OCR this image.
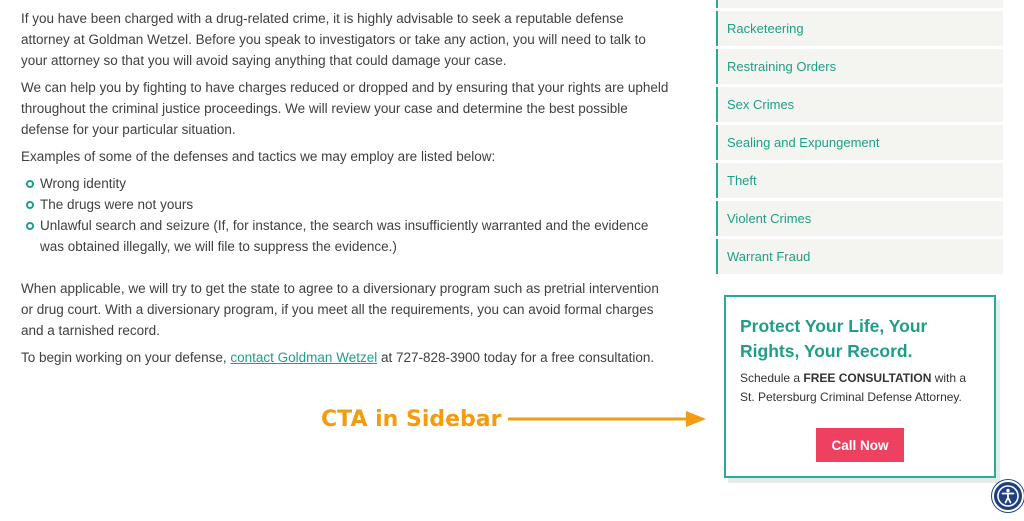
If you have been charged with a drug-related crime, it is highly advisable to seek a reputable defense attorney at Goldman Wetzel. Before you speak to investigators or take any action, you will need to talk to your attorney so that you will avoid saying anything that could damage your case.

We can help you by fighting to have charges reduced or dropped and by ensuring that your rights are upheld throughout the criminal justice proceedings. We will review your case and determine the best possible defense for your particular situation.

Examples of some of the defenses and tactics we may employ are listed below:

Wrong identity
The drugs were not yours
Unlawful search and seizure (If, for instance, the search was insufficiently warranted and the evidence was obtained illegally, we will file to suppress the evidence.)

When applicable, we will try to get the state to agree to a diversionary program such as pretrial intervention or drug court. With a diversionary program, if you meet all the requirements, you can avoid formal charges and a tarnished record.

To begin working on your defense, contact Goldman Wetzel at 727-828-3900 today for a free consultation.

Racketeering
Restraining Orders
Sex Crimes
Sealing and Expungement
Theft
Violent Crimes
Warrant Fraud
CTA in Sidebar
Protect Your Life, Your Rights, Your Record.

Schedule a FREE CONSULTATION with a St. Petersburg Criminal Defense Attorney.

Call Now
